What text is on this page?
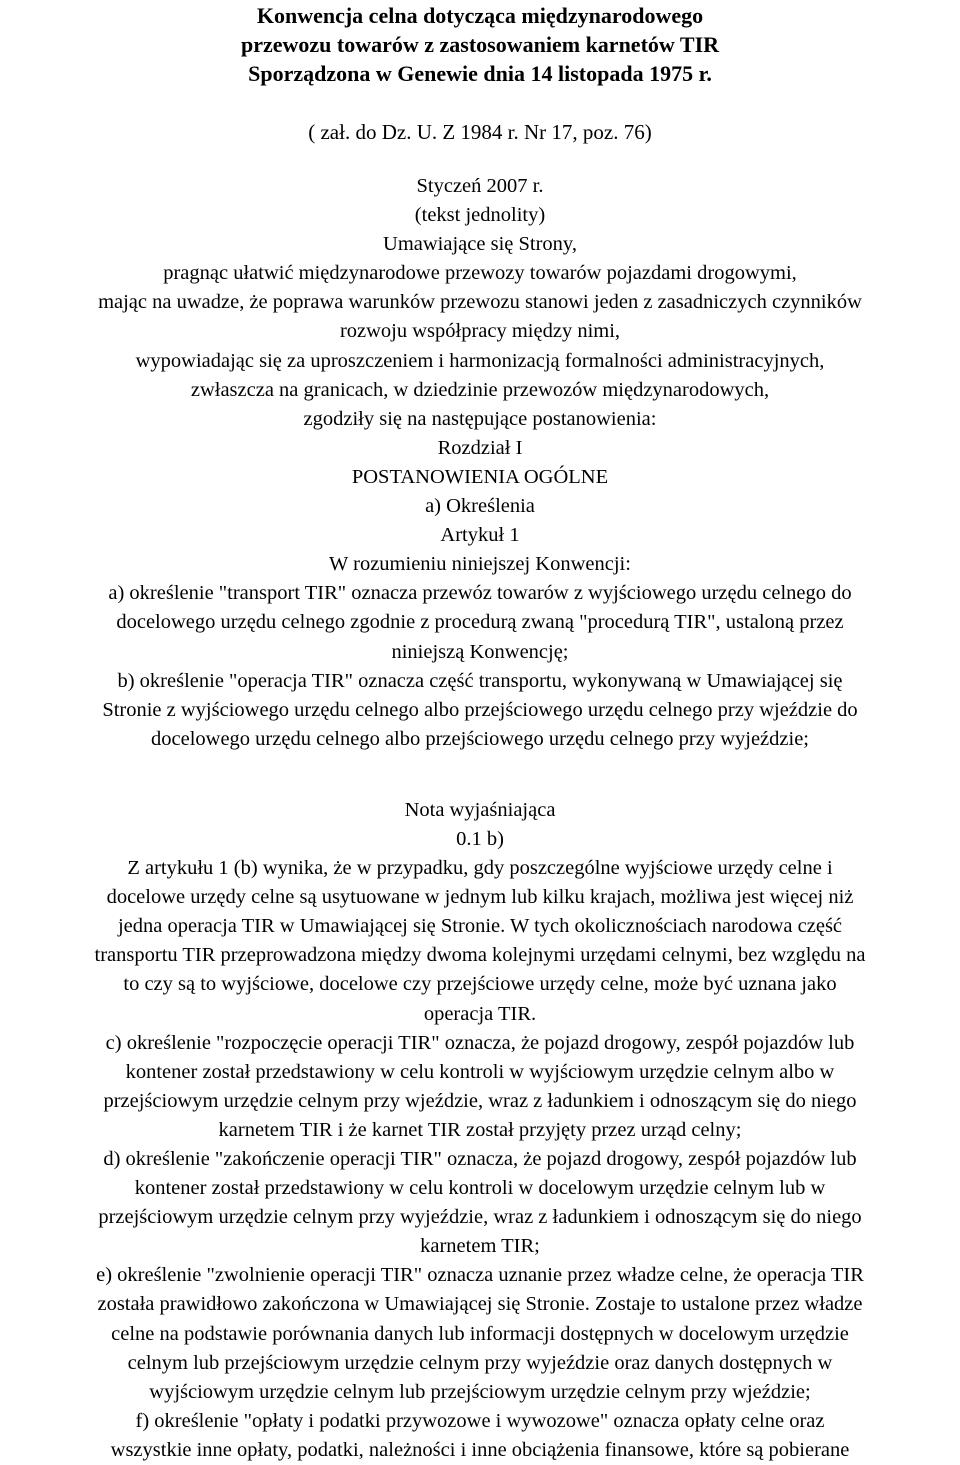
Konwencja celna dotycząca międzynarodowego

przewozu towarów z zastosowaniem karnetów TIR

Sporządzona w Genewie dnia 14 listopada 1975 r.

( zał. do Dz. U. Z 1984 r. Nr 17, poz. 76)

Styczeń 2007 r.

(tekst jednolity)

Umawiające się Strony,

pragnąc ułatwić międzynarodowe przewozy towarów pojazdami drogowymi,

mając na uwadze, że poprawa warunków przewozu stanowi jeden z zasadniczych czynników

rozwoju współpracy między nimi,

wypowiadając się za uproszczeniem i harmonizacją formalności administracyjnych,

zwłaszcza na granicach, w dziedzinie przewozów międzynarodowych,

zgodziły się na następujące postanowienia:

Rozdział I

POSTANOWIENIA OGÓLNE

a) Określenia

Artykuł 1

W rozumieniu niniejszej Konwencji:

a) określenie "transport TIR" oznacza przewóz towarów z wyjściowego urzędu celnego do

docelowego urzędu celnego zgodnie z procedurą zwaną "procedurą TIR", ustaloną przez

niniejszą Konwencję;

b) określenie "operacja TIR" oznacza część transportu, wykonywaną w Umawiającej się

Stronie z wyjściowego urzędu celnego albo przejściowego urzędu celnego przy wjeździe do

docelowego urzędu celnego albo przejściowego urzędu celnego przy wyjeździe;

Nota wyjaśniająca

0.1 b)

Z artykułu 1 (b) wynika, że w przypadku, gdy poszczególne wyjściowe urzędy celne i

docelowe urzędy celne są usytuowane w jednym lub kilku krajach, możliwa jest więcej niż

jedna operacja TIR w Umawiającej się Stronie. W tych okolicznościach narodowa część

transportu TIR przeprowadzona między dwoma kolejnymi urzędami celnymi, bez względu na

to czy są to wyjściowe, docelowe czy przejściowe urzędy celne, może być uznana jako

operacja TIR.

c) określenie "rozpoczęcie operacji TIR" oznacza, że pojazd drogowy, zespół pojazdów lub

kontener został przedstawiony w celu kontroli w wyjściowym urzędzie celnym albo w

przejściowym urzędzie celnym przy wjeździe, wraz z ładunkiem i odnoszącym się do niego

karnetem TIR i że karnet TIR został przyjęty przez urząd celny;

d) określenie "zakończenie operacji TIR" oznacza, że pojazd drogowy, zespół pojazdów lub

kontener został przedstawiony w celu kontroli w docelowym urzędzie celnym lub w

przejściowym urzędzie celnym przy wyjeździe, wraz z ładunkiem i odnoszącym się do niego

karnetem TIR;

e) określenie "zwolnienie operacji TIR" oznacza uznanie przez władze celne, że operacja TIR

została prawidłowo zakończona w Umawiającej się Stronie. Zostaje to ustalone przez władze

celne na podstawie porównania danych lub informacji dostępnych w docelowym urzędzie

celnym lub przejściowym urzędzie celnym przy wyjeździe oraz danych dostępnych w

wyjściowym urzędzie celnym lub przejściowym urzędzie celnym przy wjeździe;

f) określenie "opłaty i podatki przywozowe i wywozowe" oznacza opłaty celne oraz

wszystkie inne opłaty, podatki, należności i inne obciążenia finansowe, które są pobierane
